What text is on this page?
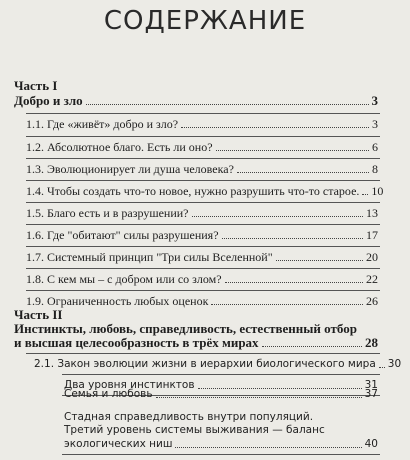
СОДЕРЖАНИЕ
Часть I
Добро и зло	3
1.1. Где «живёт» добро и зло?	3
1.2. Абсолютное благо. Есть ли оно?	6
1.3. Эволюционирует ли душа человека?	8
1.4. Чтобы создать что-то новое, нужно разрушить что-то старое. 10
1.5. Благо есть и в разрушении?	13
1.6. Где "обитают" силы разрушения?	17
1.7. Системный принцип "Три силы Вселенной"	20
1.8. С кем мы – с добром или со злом?	22
1.9. Ограниченность любых оценок	26
Часть II
Инстинкты, любовь, справедливость, естественный отбор
и высшая целесообразность в трёх мирах	28
2.1. Закон эволюции жизни в иерархии биологического мира 30
Два уровня инстинктов	31
Семья и любовь	37
Стадная справедливость внутри популяций.
Третий уровень системы выживания — баланс
экологических ниш	40
